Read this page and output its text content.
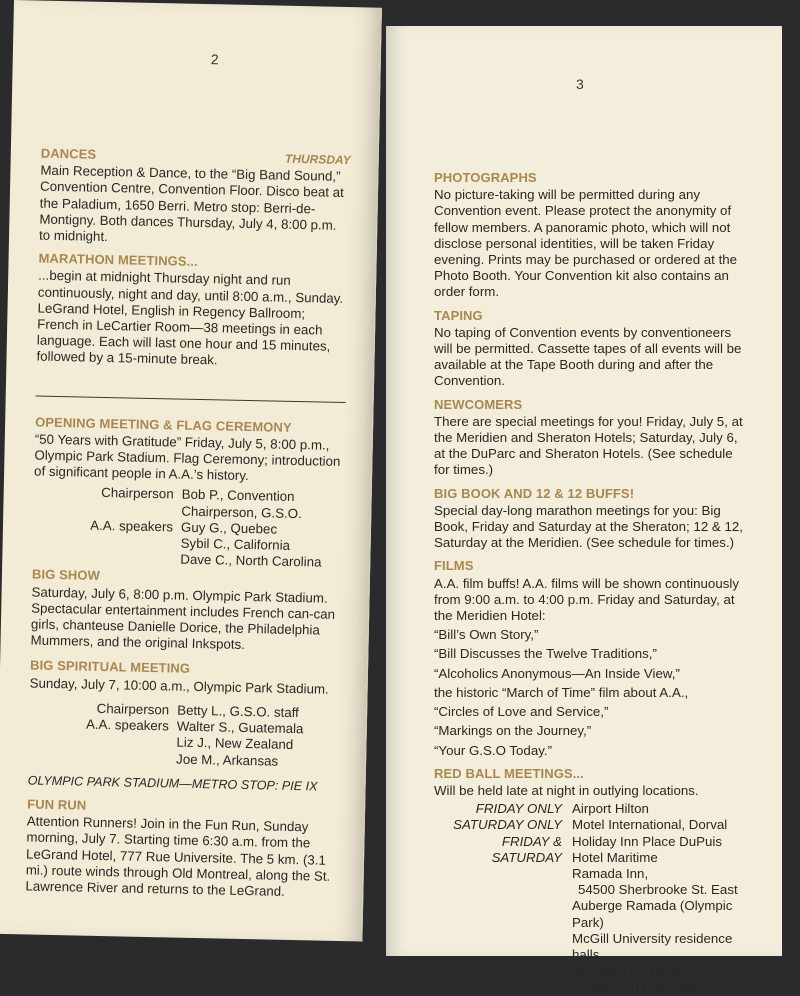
2
DANCES	THURSDAY

Main Reception & Dance, to the “Big Band Sound,” Convention Centre, Convention Floor. Disco beat at the Paladium, 1650 Berri. Metro stop: Berri-de-Montigny. Both dances Thursday, July 4, 8:00 p.m. to midnight.

MARATHON MEETINGS...

...begin at midnight Thursday night and run continuously, night and day, until 8:00 a.m., Sunday. LeGrand Hotel, English in Regency Ballroom; French in LeCartier Room—38 meetings in each language. Each will last one hour and 15 minutes, followed by a 15-minute break.

OPENING MEETING & FLAG CEREMONY

“50 Years with Gratitude” Friday, July 5, 8:00 p.m., Olympic Park Stadium. Flag Ceremony; introduction of significant people in A.A.’s history.

Chairperson Bob P., Convention
Chairperson, G.S.O.
A.A. speakers Guy G., Quebec
Sybil C., California
Dave C., North Carolina
BIG SHOW

Saturday, July 6, 8:00 p.m. Olympic Park Stadium. Spectacular entertainment includes French can-can girls, chanteuse Danielle Dorice, the Philadelphia Mummers, and the original Inkspots.

BIG SPIRITUAL MEETING

Sunday, July 7, 10:00 a.m., Olympic Park Stadium.

Chairperson Betty L., G.S.O. staff
A.A. speakers Walter S., Guatemala
Liz J., New Zealand
Joe M., Arkansas

OLYMPIC PARK STADIUM—METRO STOP: PIE IX

FUN RUN

Attention Runners! Join in the Fun Run, Sunday morning, July 7. Starting time 6:30 a.m. from the LeGrand Hotel, 777 Rue Universite. The 5 km. (3.1 mi.) route winds through Old Montreal, along the St. Lawrence River and returns to the LeGrand.

3
PHOTOGRAPHS

No picture-taking will be permitted during any Convention event. Please protect the anonymity of fellow members. A panoramic photo, which will not disclose personal identities, will be taken Friday evening. Prints may be purchased or ordered at the Photo Booth. Your Convention kit also contains an order form.

TAPING

No taping of Convention events by conventioneers will be permitted. Cassette tapes of all events will be available at the Tape Booth during and after the Convention.

NEWCOMERS

There are special meetings for you! Friday, July 5, at the Meridien and Sheraton Hotels; Saturday, July 6, at the DuParc and Sheraton Hotels. (See schedule for times.)

BIG BOOK AND 12 & 12 BUFFS!

Special day-long marathon meetings for you: Big Book, Friday and Saturday at the Sheraton; 12 & 12, Saturday at the Meridien. (See schedule for times.)

FILMS

A.A. film buffs! A.A. films will be shown continuously from 9:00 a.m. to 4:00 p.m. Friday and Saturday, at the Meridien Hotel:

“Bill’s Own Story,”
“Bill Discusses the Twelve Traditions,”
“Alcoholics Anonymous—An Inside View,”
the historic “March of Time” film about A.A.,
“Circles of Love and Service,”
“Markings on the Journey,”
“Your G.S.O Today.”
RED BALL MEETINGS...

Will be held late at night in outlying locations.

FRIDAY ONLY Airport Hilton
SATURDAY ONLY Motel International, Dorval
FRIDAY & SATURDAY
Holiday Inn Place DuPuis
Hotel Maritime
Ramada Inn,
54500 Sherbrooke St. East
Auberge Ramada (Olympic Park)
McGill University residence halls
Sheraton St. Laurent
Holiday Inn Richelieu
